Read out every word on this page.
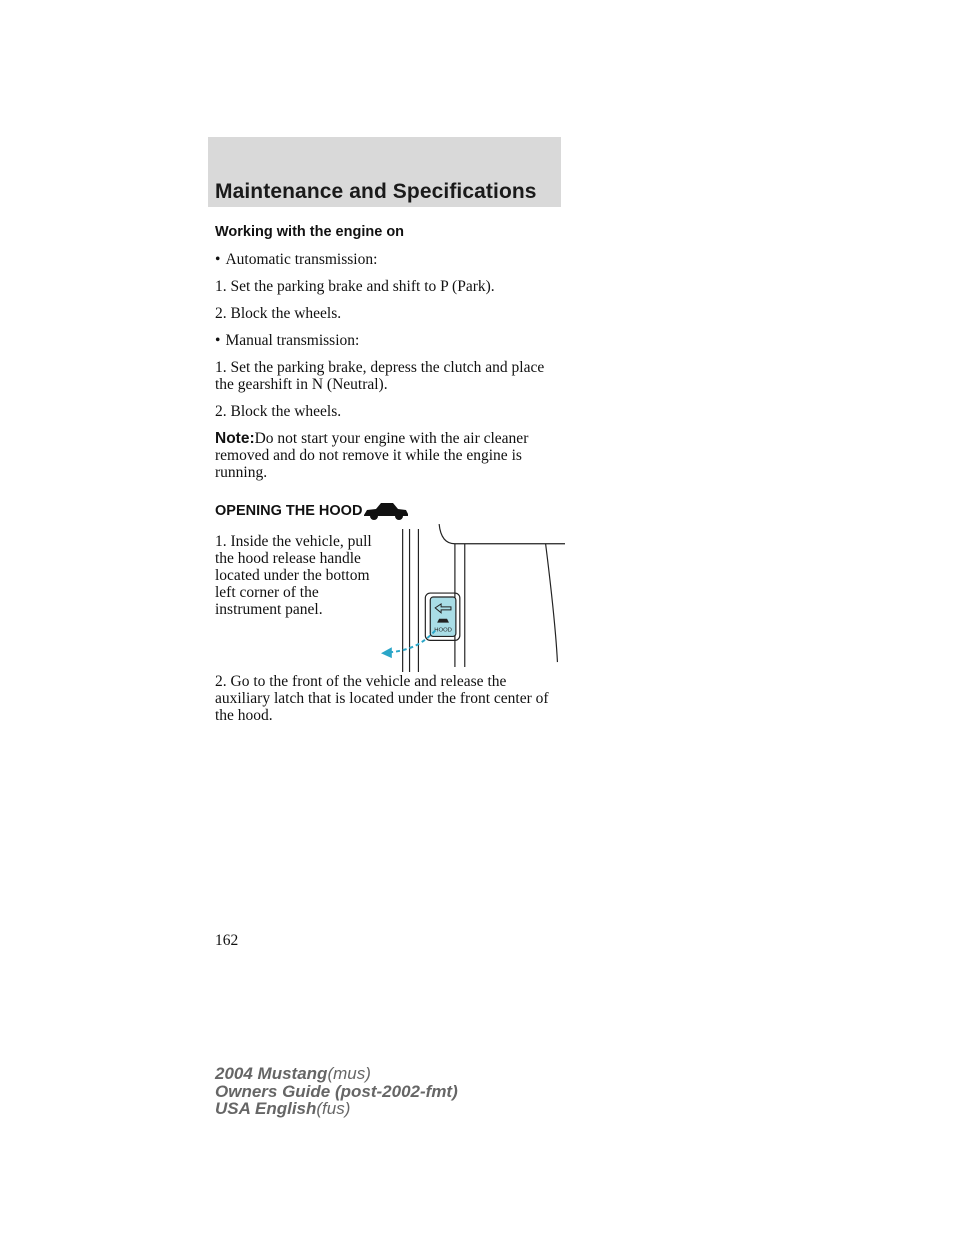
Maintenance and Specifications

Working with the engine on

• Automatic transmission:

1. Set the parking brake and shift to P (Park).

2. Block the wheels.

• Manual transmission:

1. Set the parking brake, depress the clutch and place the gearshift in N (Neutral).

2. Block the wheels.

Note:Do not start your engine with the air cleaner removed and do not remove it while the engine is running.

OPENING THE HOOD

1. Inside the vehicle, pull the hood release handle located under the bottom left corner of the instrument panel.

HOOD

2. Go to the front of the vehicle and release the auxiliary latch that is located under the front center of the hood.

162
2004 Mustang(mus)
Owners Guide (post-2002-fmt)
USA English(fus)
